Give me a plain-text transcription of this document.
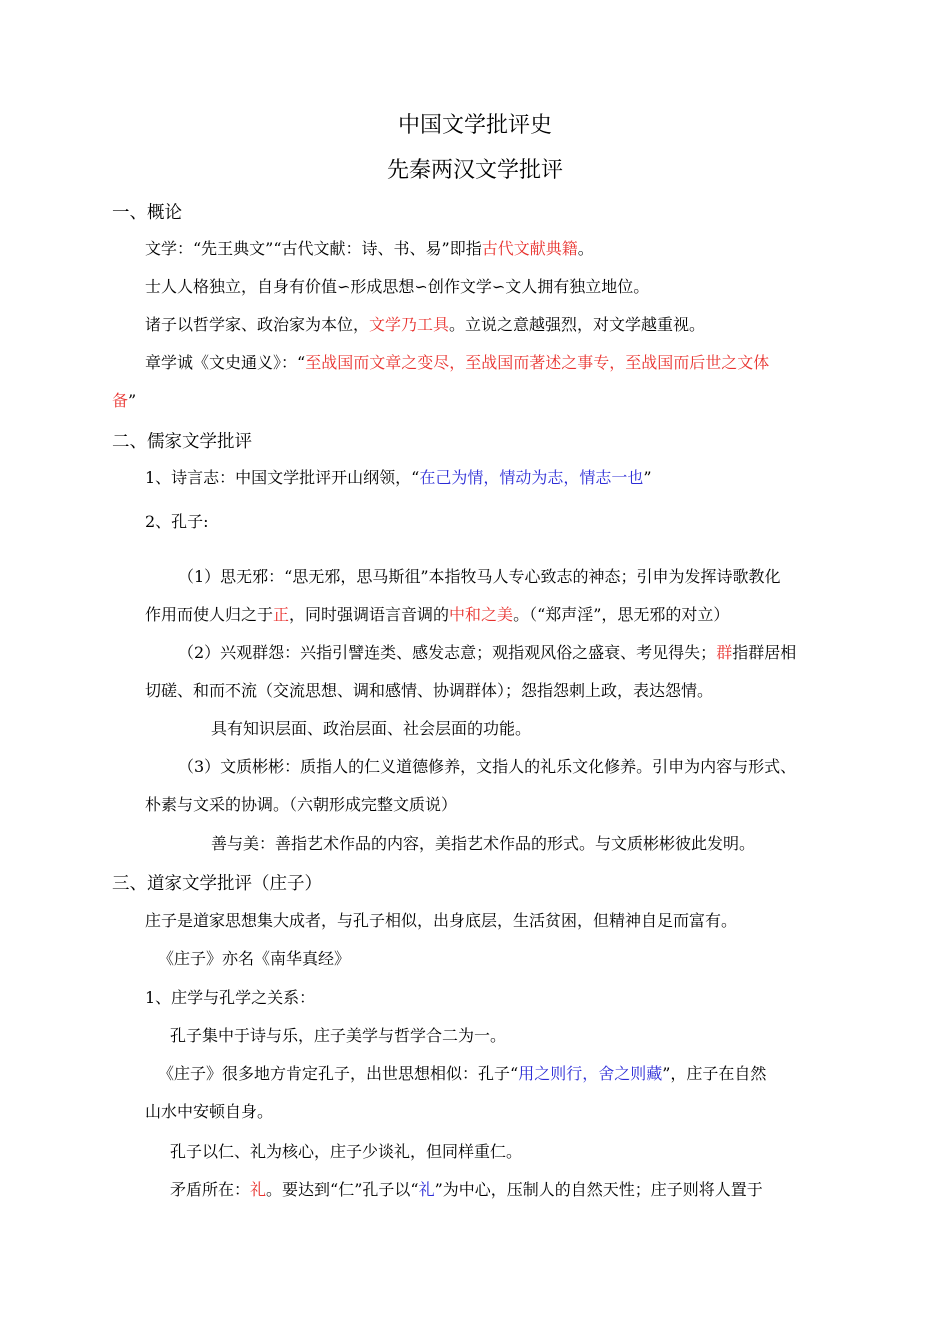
中国文学批评史
先秦两汉文学批评
一、概论
文学：“先王典文”“古代文献：诗、书、易”即指古代文献典籍。
士人人格独立，自身有价值∽形成思想∽创作文学∽文人拥有独立地位。
诸子以哲学家、政治家为本位，文学乃工具。立说之意越强烈，对文学越重视。
章学诚《文史通义》：“至战国而文章之变尽，至战国而著述之事专，至战国而后世之文体
备”
二、儒家文学批评
1、诗言志：中国文学批评开山纲领，“在己为情，情动为志，情志一也”
2、孔子:
（1）思无邪：“思无邪，思马斯徂”本指牧马人专心致志的神态；引申为发挥诗歌教化
作用而使人归之于正，同时强调语言音调的中和之美。（“郑声淫”，思无邪的对立）
（2）兴观群怨：兴指引譬连类、感发志意；观指观风俗之盛衰、考见得失；群指群居相
切磋、和而不流（交流思想、调和感情、协调群体）；怨指怨刺上政，表达怨情。
具有知识层面、政治层面、社会层面的功能。
（3）文质彬彬：质指人的仁义道德修养，文指人的礼乐文化修养。引申为内容与形式、
朴素与文采的协调。（六朝形成完整文质说）
善与美：善指艺术作品的内容，美指艺术作品的形式。与文质彬彬彼此发明。
三、道家文学批评（庄子）
庄子是道家思想集大成者，与孔子相似，出身底层，生活贫困，但精神自足而富有。
《庄子》亦名《南华真经》
1、庄学与孔学之关系：
孔子集中于诗与乐，庄子美学与哲学合二为一。
《庄子》很多地方肯定孔子，出世思想相似：孔子“用之则行，舍之则藏”，庄子在自然
山水中安顿自身。
孔子以仁、礼为核心，庄子少谈礼，但同样重仁。
矛盾所在：礼。要达到“仁”孔子以“礼”为中心，压制人的自然天性；庄子则将人置于
